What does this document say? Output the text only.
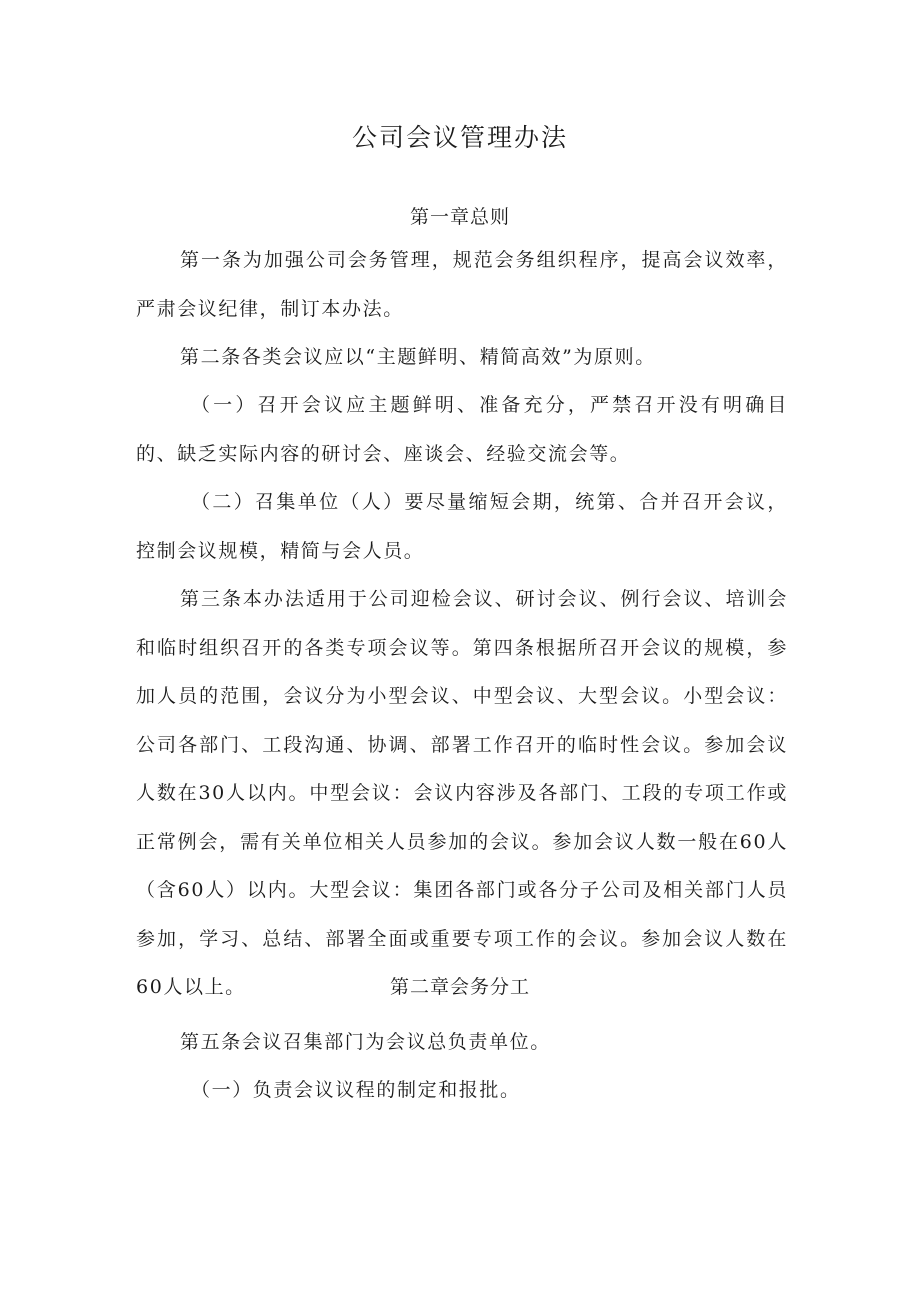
公司会议管理办法
第一章总则

第一条为加强公司会务管理，规范会务组织程序，提高会议效率，严肃会议纪律，制订本办法。

第二条各类会议应以“主题鲜明、精简高效”为原则。

（一）召开会议应主题鲜明、准备充分，严禁召开没有明确目的、缺乏实际内容的研讨会、座谈会、经验交流会等。

（二）召集单位（人）要尽量缩短会期，统第、合并召开会议，控制会议规模，精简与会人员。

第三条本办法适用于公司迎检会议、研讨会议、例行会议、培训会和临时组织召开的各类专项会议等。第四条根据所召开会议的规模，参加人员的范围，会议分为小型会议、中型会议、大型会议。小型会议：公司各部门、工段沟通、协调、部署工作召开的临时性会议。参加会议人数在30人以内。中型会议：会议内容涉及各部门、工段的专项工作或正常例会，需有关单位相关人员参加的会议。参加会议人数一般在60人（含60人）以内。大型会议：集团各部门或各分子公司及相关部门人员参加，学习、总结、部署全面或重要专项工作的会议。参加会议人数在60人以上。	第二章会务分工

第五条会议召集部门为会议总负责单位。

（一）负责会议议程的制定和报批。
